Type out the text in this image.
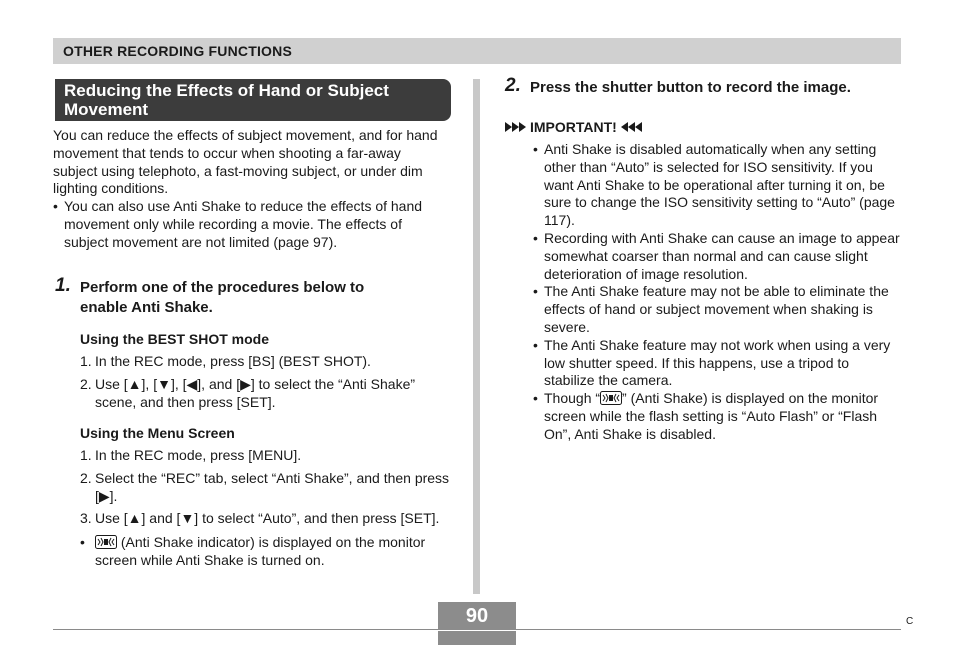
OTHER RECORDING FUNCTIONS
Reducing the Effects of Hand or Subject
Movement
You can reduce the effects of subject movement, and for hand movement that tends to occur when shooting a far-away subject using telephoto, a fast-moving subject, or under dim lighting conditions.
• You can also use Anti Shake to reduce the effects of hand movement only while recording a movie. The effects of subject movement are not limited (page 97).
1. Perform one of the procedures below to
enable Anti Shake.
Using the BEST SHOT mode
1. In the REC mode, press [BS] (BEST SHOT).
2. Use [▲], [▼], [◀], and [▶] to select the “Anti Shake” scene, and then press [SET].
Using the Menu Screen
1. In the REC mode, press [MENU].
2. Select the “REC” tab, select “Anti Shake”, and then press [▶].
3. Use [▲] and [▼] to select “Auto”, and then press [SET].
•	(Anti Shake indicator) is displayed on the monitor screen while Anti Shake is turned on.
2. Press the shutter button to record the image.
IMPORTANT!
• Anti Shake is disabled automatically when any setting other than “Auto” is selected for ISO sensitivity. If you want Anti Shake to be operational after turning it on, be sure to change the ISO sensitivity setting to “Auto” (page 117).
• Recording with Anti Shake can cause an image to appear somewhat coarser than normal and can cause slight deterioration of image resolution.
• The Anti Shake feature may not be able to eliminate the effects of hand or subject movement when shaking is severe.
• The Anti Shake feature may not work when using a very low shutter speed. If this happens, use a tripod to stabilize the camera.
• Though “ ” (Anti Shake) is displayed on the monitor screen while the flash setting is “Auto Flash” or “Flash On”, Anti Shake is disabled.
90	C
